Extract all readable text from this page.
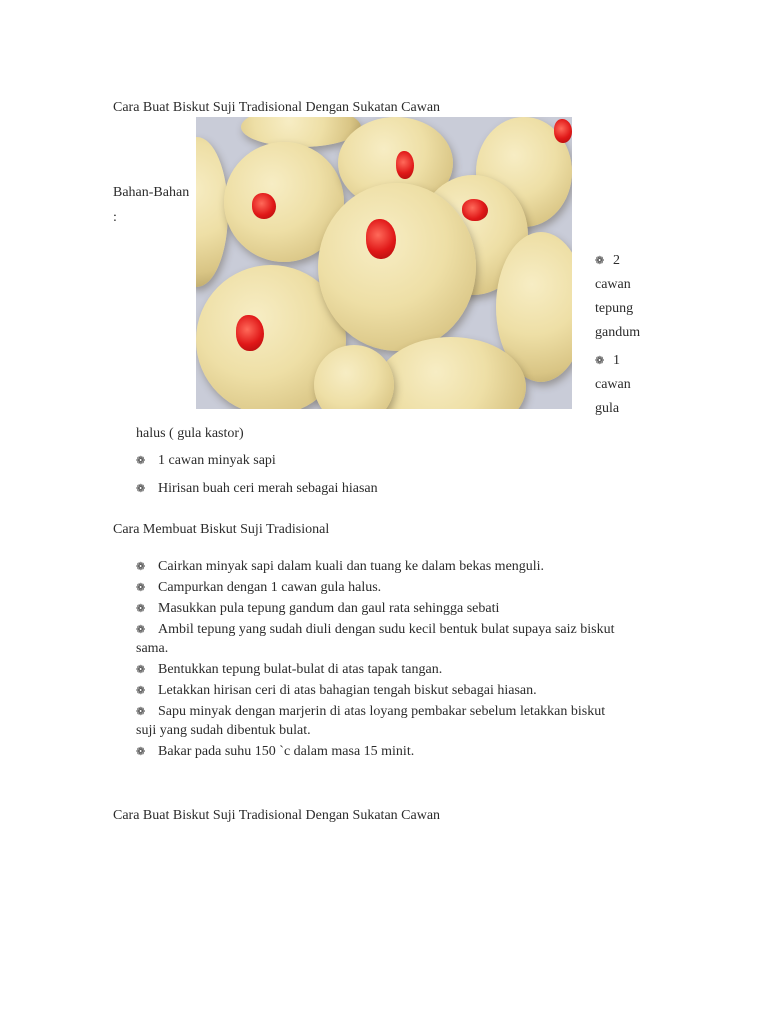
Cara Buat Biskut Suji Tradisional Dengan Sukatan Cawan
Bahan-Bahan
:
❁ 2
cawan
tepung
gandum
❁ 1
cawan
gula
halus ( gula kastor)
❁ 1 cawan minyak sapi
❁ Hirisan buah ceri merah sebagai hiasan
Cara Membuat Biskut Suji Tradisional
❁ Cairkan minyak sapi dalam kuali dan tuang ke dalam bekas menguli.
❁ Campurkan dengan 1 cawan gula halus.
❁ Masukkan pula tepung gandum dan gaul rata sehingga sebati
❁ Ambil tepung yang sudah diuli dengan sudu kecil bentuk bulat supaya saiz biskut
sama.
❁ Bentukkan tepung bulat-bulat di atas tapak tangan.
❁ Letakkan hirisan ceri di atas bahagian tengah biskut sebagai hiasan.
❁ Sapu minyak dengan marjerin di atas loyang pembakar sebelum letakkan biskut
suji yang sudah dibentuk bulat.
❁ Bakar pada suhu 150 `c dalam masa 15 minit.
Cara Buat Biskut Suji Tradisional Dengan Sukatan Cawan
